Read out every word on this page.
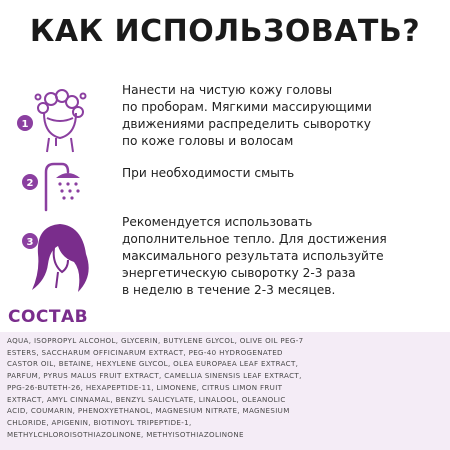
КАК ИСПОЛЬЗОВАТЬ?
1
Нанести на чистую кожу головы
по проборам. Мягкими массирующими
движениями распределить сыворотку
по коже головы и волосам
2
При необходимости смыть
3
Рекомендуется использовать
дополнительное тепло. Для достижения
максимального результата используйте
энергетическую сыворотку 2-3 раза
в неделю в течение 2-3 месяцев.
СОСТАВ
AQUA, ISOPROPYL ALCOHOL, GLYCERIN, BUTYLENE GLYCOL, OLIVE OIL PEG-7
ESTERS, SACCHARUM OFFICINARUM EXTRACT, PEG-40 HYDROGENATED
CASTOR OIL, BETAINE, HEXYLENE GLYCOL, OLEA EUROPAEA LEAF EXTRACT,
PARFUM, PYRUS MALUS FRUIT EXTRACT, CAMELLIA SINENSIS LEAF EXTRACT,
PPG-26-BUTETH-26, HEXAPEPTIDE-11, LIMONENE, CITRUS LIMON FRUIT
EXTRACT, AMYL CINNAMAL, BENZYL SALICYLATE, LINALOOL, OLEANOLIC
ACID, COUMARIN, PHENOXYETHANOL, MAGNESIUM NITRATE, MAGNESIUM
CHLORIDE, APIGENIN, BIOTINOYL TRIPEPTIDE-1,
METHYLCHLOROISOTHIAZOLINONE, METHYISOTHIAZOLINONE
